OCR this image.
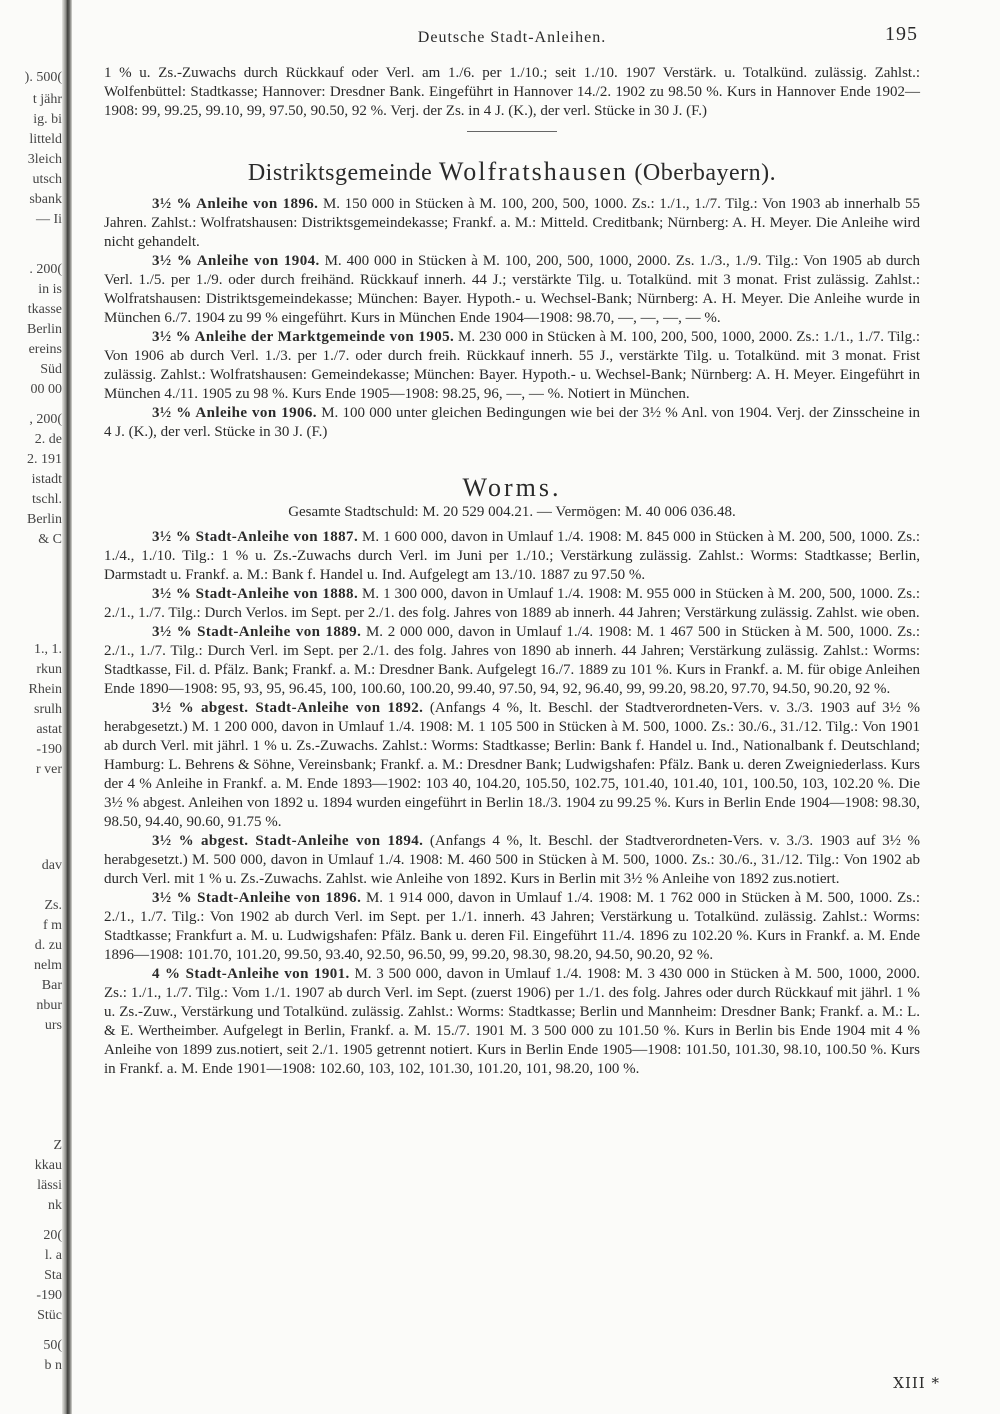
). 500(
t jähr
ig. bi
litteld
3leich
utsch
sbank
— Ii
. 200(
in is
tkasse
Berlin
ereins
Süd
00 00
, 200(
2. de
2. 191
istadt
tschl.
Berlin
& C
1., 1.
rkun
Rhein
srulh
astat
-190
r ver
dav
Zs.
f m
d. zu
nelm
Bar
nbur
urs
Z
kkau
lässi
nk
20(
l. a
Sta
-190
Stüc
50(
b n
Deutsche Stadt-Anleihen.	195

1 % u. Zs.-Zuwachs durch Rückkauf oder Verl. am 1./6. per 1./10.; seit 1./10. 1907 Verstärk. u. Totalkünd. zulässig. Zahlst.: Wolfenbüttel: Stadtkasse; Hannover: Dresdner Bank. Eingeführt in Hannover 14./2. 1902 zu 98.50 %. Kurs in Hannover Ende 1902—1908: 99, 99.25, 99.10, 99, 97.50, 90.50, 92 %. Verj. der Zs. in 4 J. (K.), der verl. Stücke in 30 J. (F.)

Distriktsgemeinde Wolfratshausen (Oberbayern).

3½ % Anleihe von 1896. M. 150 000 in Stücken à M. 100, 200, 500, 1000. Zs.: 1./1., 1./7. Tilg.: Von 1903 ab innerhalb 55 Jahren. Zahlst.: Wolfratshausen: Distriktsgemeindekasse; Frankf. a. M.: Mitteld. Creditbank; Nürnberg: A. H. Meyer. Die Anleihe wird nicht gehandelt.

3½ % Anleihe von 1904. M. 400 000 in Stücken à M. 100, 200, 500, 1000, 2000. Zs. 1./3., 1./9. Tilg.: Von 1905 ab durch Verl. 1./5. per 1./9. oder durch freihänd. Rückkauf innerh. 44 J.; verstärkte Tilg. u. Totalkünd. mit 3 monat. Frist zulässig. Zahlst.: Wolfratshausen: Distriktsgemeindekasse; München: Bayer. Hypoth.- u. Wechsel-Bank; Nürnberg: A. H. Meyer. Die Anleihe wurde in München 6./7. 1904 zu 99 % eingeführt. Kurs in München Ende 1904—1908: 98.70, —, —, —, — %.

3½ % Anleihe der Marktgemeinde von 1905. M. 230 000 in Stücken à M. 100, 200, 500, 1000, 2000. Zs.: 1./1., 1./7. Tilg.: Von 1906 ab durch Verl. 1./3. per 1./7. oder durch freih. Rückkauf innerh. 55 J., verstärkte Tilg. u. Totalkünd. mit 3 monat. Frist zulässig. Zahlst.: Wolfratshausen: Gemeindekasse; München: Bayer. Hypoth.- u. Wechsel-Bank; Nürnberg: A. H. Meyer. Eingeführt in München 4./11. 1905 zu 98 %. Kurs Ende 1905—1908: 98.25, 96, —, — %. Notiert in München.

3½ % Anleihe von 1906. M. 100 000 unter gleichen Bedingungen wie bei der 3½ % Anl. von 1904. Verj. der Zinsscheine in 4 J. (K.), der verl. Stücke in 30 J. (F.)

Worms.
Gesamte Stadtschuld: M. 20 529 004.21. — Vermögen: M. 40 006 036.48.

3½ % Stadt-Anleihe von 1887. M. 1 600 000, davon in Umlauf 1./4. 1908: M. 845 000 in Stücken à M. 200, 500, 1000. Zs.: 1./4., 1./10. Tilg.: 1 % u. Zs.-Zuwachs durch Verl. im Juni per 1./10.; Verstärkung zulässig. Zahlst.: Worms: Stadtkasse; Berlin, Darmstadt u. Frankf. a. M.: Bank f. Handel u. Ind. Aufgelegt am 13./10. 1887 zu 97.50 %.

3½ % Stadt-Anleihe von 1888. M. 1 300 000, davon in Umlauf 1./4. 1908: M. 955 000 in Stücken à M. 200, 500, 1000. Zs.: 2./1., 1./7. Tilg.: Durch Verlos. im Sept. per 2./1. des folg. Jahres von 1889 ab innerh. 44 Jahren; Verstärkung zulässig. Zahlst. wie oben.

3½ % Stadt-Anleihe von 1889. M. 2 000 000, davon in Umlauf 1./4. 1908: M. 1 467 500 in Stücken à M. 500, 1000. Zs.: 2./1., 1./7. Tilg.: Durch Verl. im Sept. per 2./1. des folg. Jahres von 1890 ab innerh. 44 Jahren; Verstärkung zulässig. Zahlst.: Worms: Stadtkasse, Fil. d. Pfälz. Bank; Frankf. a. M.: Dresdner Bank. Aufgelegt 16./7. 1889 zu 101 %. Kurs in Frankf. a. M. für obige Anleihen Ende 1890—1908: 95, 93, 95, 96.45, 100, 100.60, 100.20, 99.40, 97.50, 94, 92, 96.40, 99, 99.20, 98.20, 97.70, 94.50, 90.20, 92 %.

3½ % abgest. Stadt-Anleihe von 1892. (Anfangs 4 %, lt. Beschl. der Stadtverordneten-Vers. v. 3./3. 1903 auf 3½ % herabgesetzt.) M. 1 200 000, davon in Umlauf 1./4. 1908: M. 1 105 500 in Stücken à M. 500, 1000. Zs.: 30./6., 31./12. Tilg.: Von 1901 ab durch Verl. mit jährl. 1 % u. Zs.-Zuwachs. Zahlst.: Worms: Stadtkasse; Berlin: Bank f. Handel u. Ind., Nationalbank f. Deutschland; Hamburg: L. Behrens & Söhne, Vereinsbank; Frankf. a. M.: Dresdner Bank; Ludwigshafen: Pfälz. Bank u. deren Zweigniederlass. Kurs der 4 % Anleihe in Frankf. a. M. Ende 1893—1902: 103 40, 104.20, 105.50, 102.75, 101.40, 101.40, 101, 100.50, 103, 102.20 %. Die 3½ % abgest. Anleihen von 1892 u. 1894 wurden eingeführt in Berlin 18./3. 1904 zu 99.25 %. Kurs in Berlin Ende 1904—1908: 98.30, 98.50, 94.40, 90.60, 91.75 %.

3½ % abgest. Stadt-Anleihe von 1894. (Anfangs 4 %, lt. Beschl. der Stadtverordneten-Vers. v. 3./3. 1903 auf 3½ % herabgesetzt.) M. 500 000, davon in Umlauf 1./4. 1908: M. 460 500 in Stücken à M. 500, 1000. Zs.: 30./6., 31./12. Tilg.: Von 1902 ab durch Verl. mit 1 % u. Zs.-Zuwachs. Zahlst. wie Anleihe von 1892. Kurs in Berlin mit 3½ % Anleihe von 1892 zus.notiert.

3½ % Stadt-Anleihe von 1896. M. 1 914 000, davon in Umlauf 1./4. 1908: M. 1 762 000 in Stücken à M. 500, 1000. Zs.: 2./1., 1./7. Tilg.: Von 1902 ab durch Verl. im Sept. per 1./1. innerh. 43 Jahren; Verstärkung u. Totalkünd. zulässig. Zahlst.: Worms: Stadtkasse; Frankfurt a. M. u. Ludwigshafen: Pfälz. Bank u. deren Fil. Eingeführt 11./4. 1896 zu 102.20 %. Kurs in Frankf. a. M. Ende 1896—1908: 101.70, 101.20, 99.50, 93.40, 92.50, 96.50, 99, 99.20, 98.30, 98.20, 94.50, 90.20, 92 %.

4 % Stadt-Anleihe von 1901. M. 3 500 000, davon in Umlauf 1./4. 1908: M. 3 430 000 in Stücken à M. 500, 1000, 2000. Zs.: 1./1., 1./7. Tilg.: Vom 1./1. 1907 ab durch Verl. im Sept. (zuerst 1906) per 1./1. des folg. Jahres oder durch Rückkauf mit jährl. 1 % u. Zs.-Zuw., Verstärkung und Totalkünd. zulässig. Zahlst.: Worms: Stadtkasse; Berlin und Mannheim: Dresdner Bank; Frankf. a. M.: L. & E. Wertheimber. Aufgelegt in Berlin, Frankf. a. M. 15./7. 1901 M. 3 500 000 zu 101.50 %. Kurs in Berlin bis Ende 1904 mit 4 % Anleihe von 1899 zus.notiert, seit 2./1. 1905 getrennt notiert. Kurs in Berlin Ende 1905—1908: 101.50, 101.30, 98.10, 100.50 %. Kurs in Frankf. a. M. Ende 1901—1908: 102.60, 103, 102, 101.30, 101.20, 101, 98.20, 100 %.

XIII *
